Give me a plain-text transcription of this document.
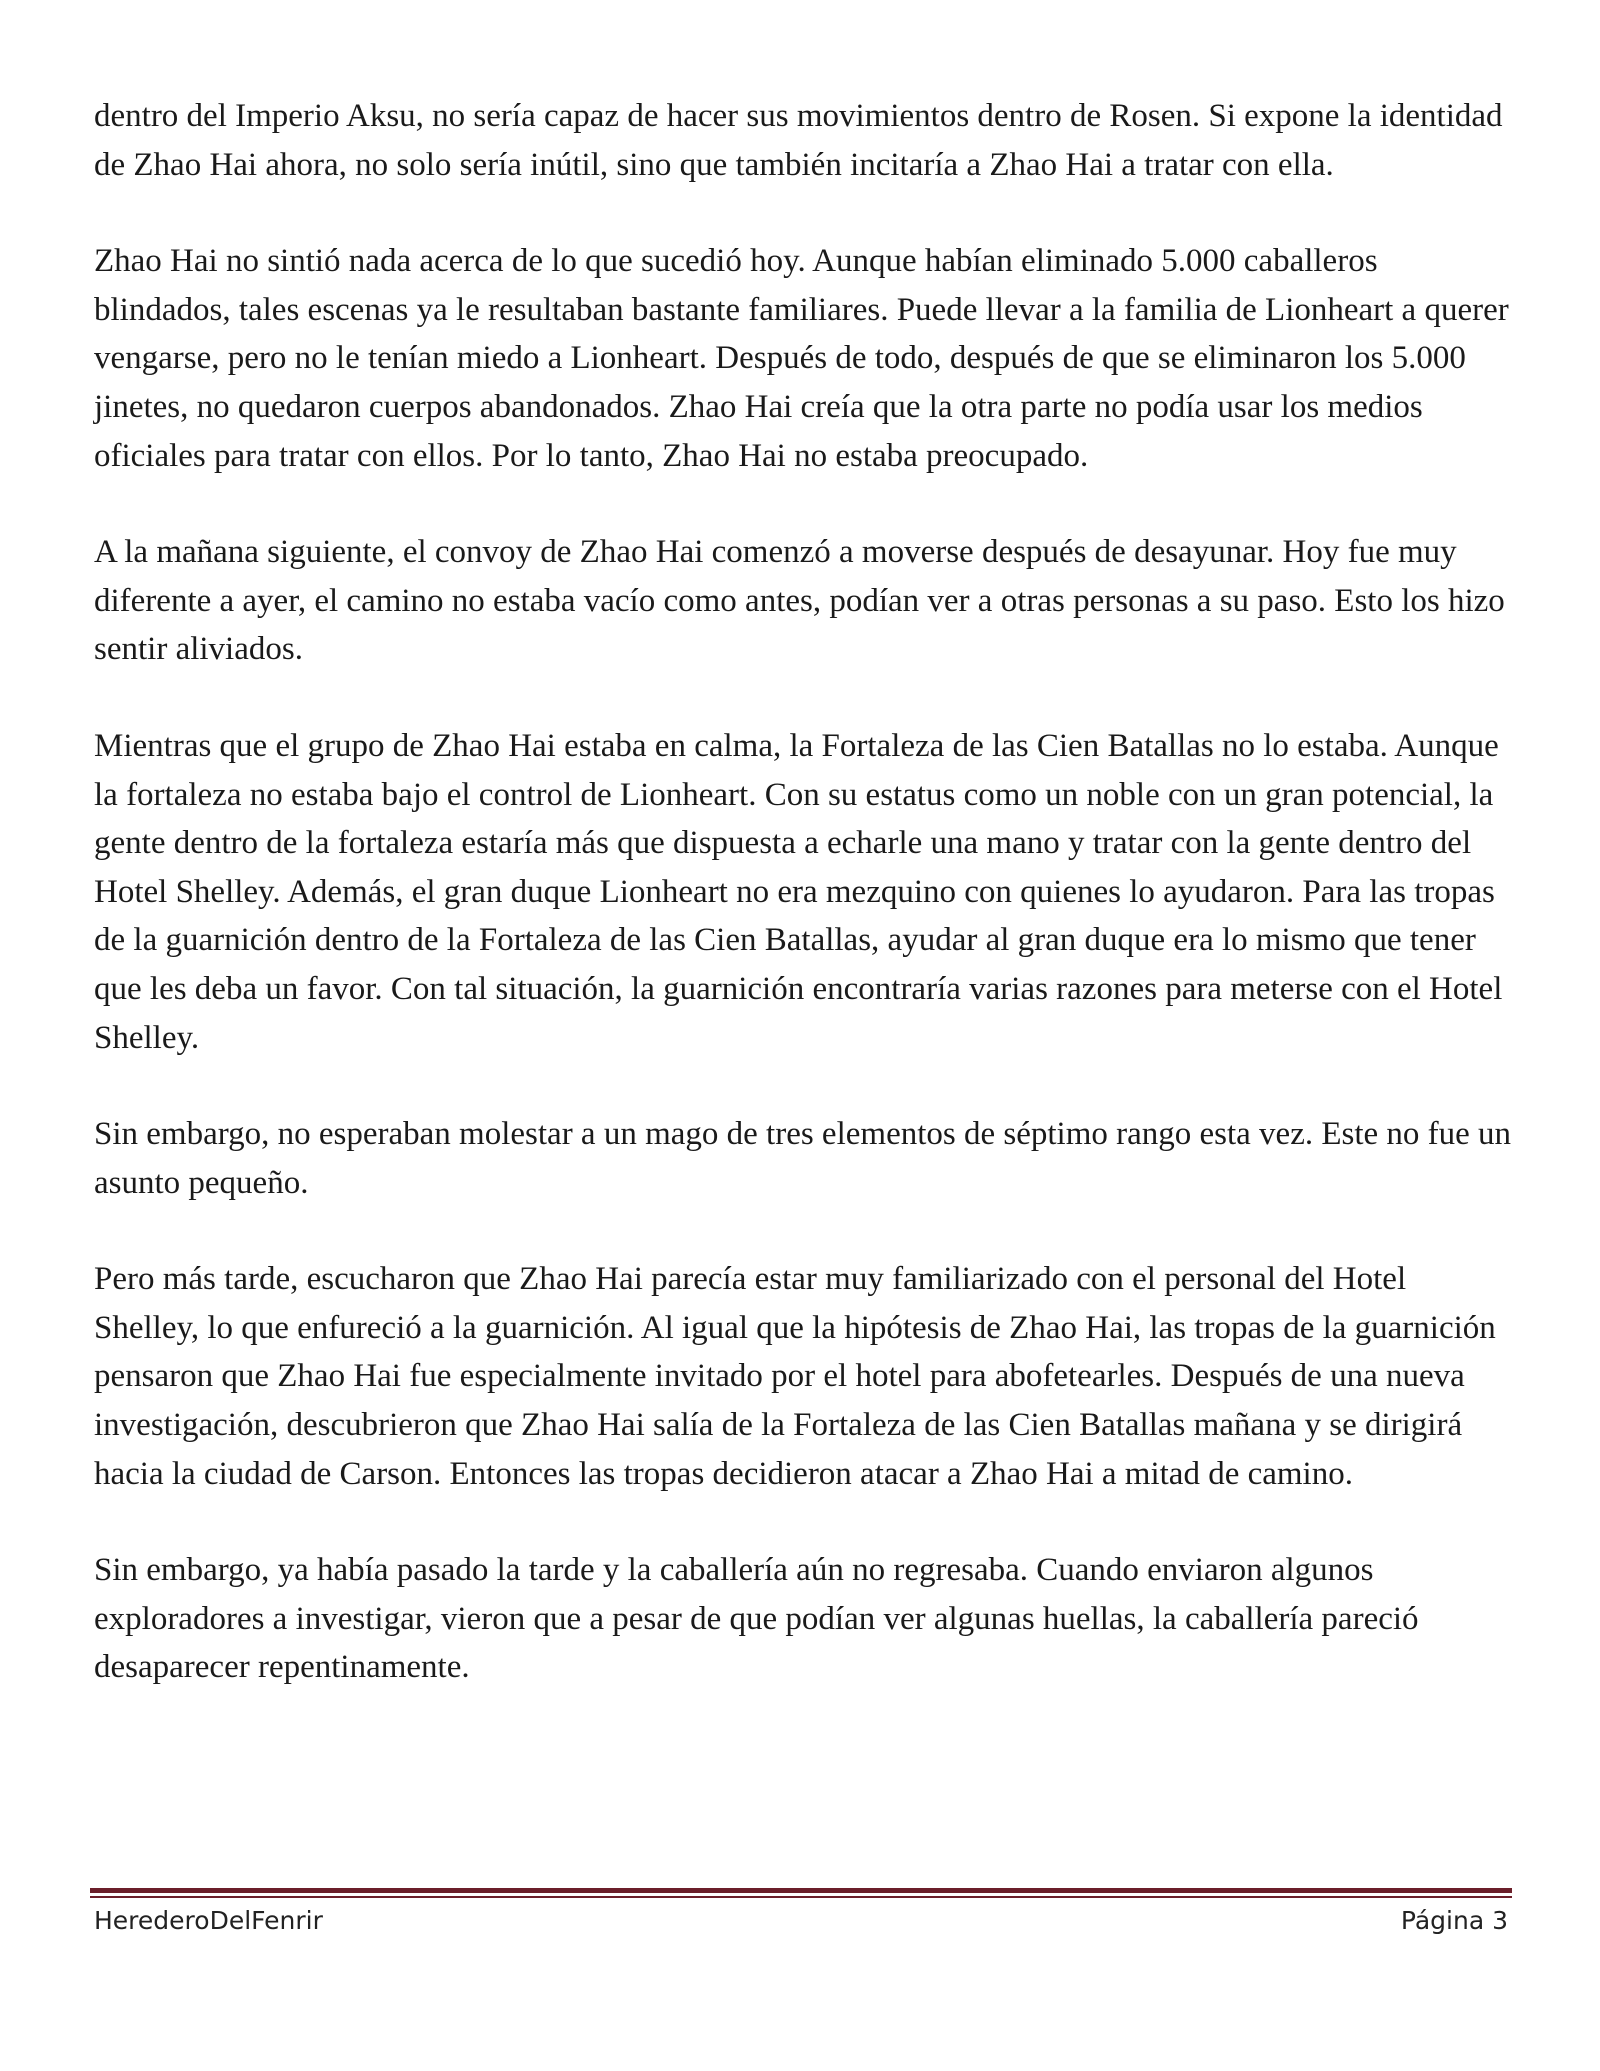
dentro del Imperio Aksu, no sería capaz de hacer sus movimientos dentro de Rosen. Si expone la identidad de Zhao Hai ahora, no solo sería inútil, sino que también incitaría a Zhao Hai a tratar con ella.

Zhao Hai no sintió nada acerca de lo que sucedió hoy. Aunque habían eliminado 5.000 caballeros blindados, tales escenas ya le resultaban bastante familiares. Puede llevar a la familia de Lionheart a querer vengarse, pero no le tenían miedo a Lionheart. Después de todo, después de que se eliminaron los 5.000 jinetes, no quedaron cuerpos abandonados. Zhao Hai creía que la otra parte no podía usar los medios oficiales para tratar con ellos. Por lo tanto, Zhao Hai no estaba preocupado.

A la mañana siguiente, el convoy de Zhao Hai comenzó a moverse después de desayunar. Hoy fue muy diferente a ayer, el camino no estaba vacío como antes, podían ver a otras personas a su paso. Esto los hizo sentir aliviados.

Mientras que el grupo de Zhao Hai estaba en calma, la Fortaleza de las Cien Batallas no lo estaba. Aunque la fortaleza no estaba bajo el control de Lionheart. Con su estatus como un noble con un gran potencial, la gente dentro de la fortaleza estaría más que dispuesta a echarle una mano y tratar con la gente dentro del Hotel Shelley. Además, el gran duque Lionheart no era mezquino con quienes lo ayudaron. Para las tropas de la guarnición dentro de la Fortaleza de las Cien Batallas, ayudar al gran duque era lo mismo que tener que les deba un favor. Con tal situación, la guarnición encontraría varias razones para meterse con el Hotel Shelley.

Sin embargo, no esperaban molestar a un mago de tres elementos de séptimo rango esta vez. Este no fue un asunto pequeño.

Pero más tarde, escucharon que Zhao Hai parecía estar muy familiarizado con el personal del Hotel Shelley, lo que enfureció a la guarnición. Al igual que la hipótesis de Zhao Hai, las tropas de la guarnición pensaron que Zhao Hai fue especialmente invitado por el hotel para abofetearles. Después de una nueva investigación, descubrieron que Zhao Hai salía de la Fortaleza de las Cien Batallas mañana y se dirigirá hacia la ciudad de Carson. Entonces las tropas decidieron atacar a Zhao Hai a mitad de camino.

Sin embargo, ya había pasado la tarde y la caballería aún no regresaba. Cuando enviaron algunos exploradores a investigar, vieron que a pesar de que podían ver algunas huellas, la caballería pareció desaparecer repentinamente.

HerederoDelFenrir	Página 3
